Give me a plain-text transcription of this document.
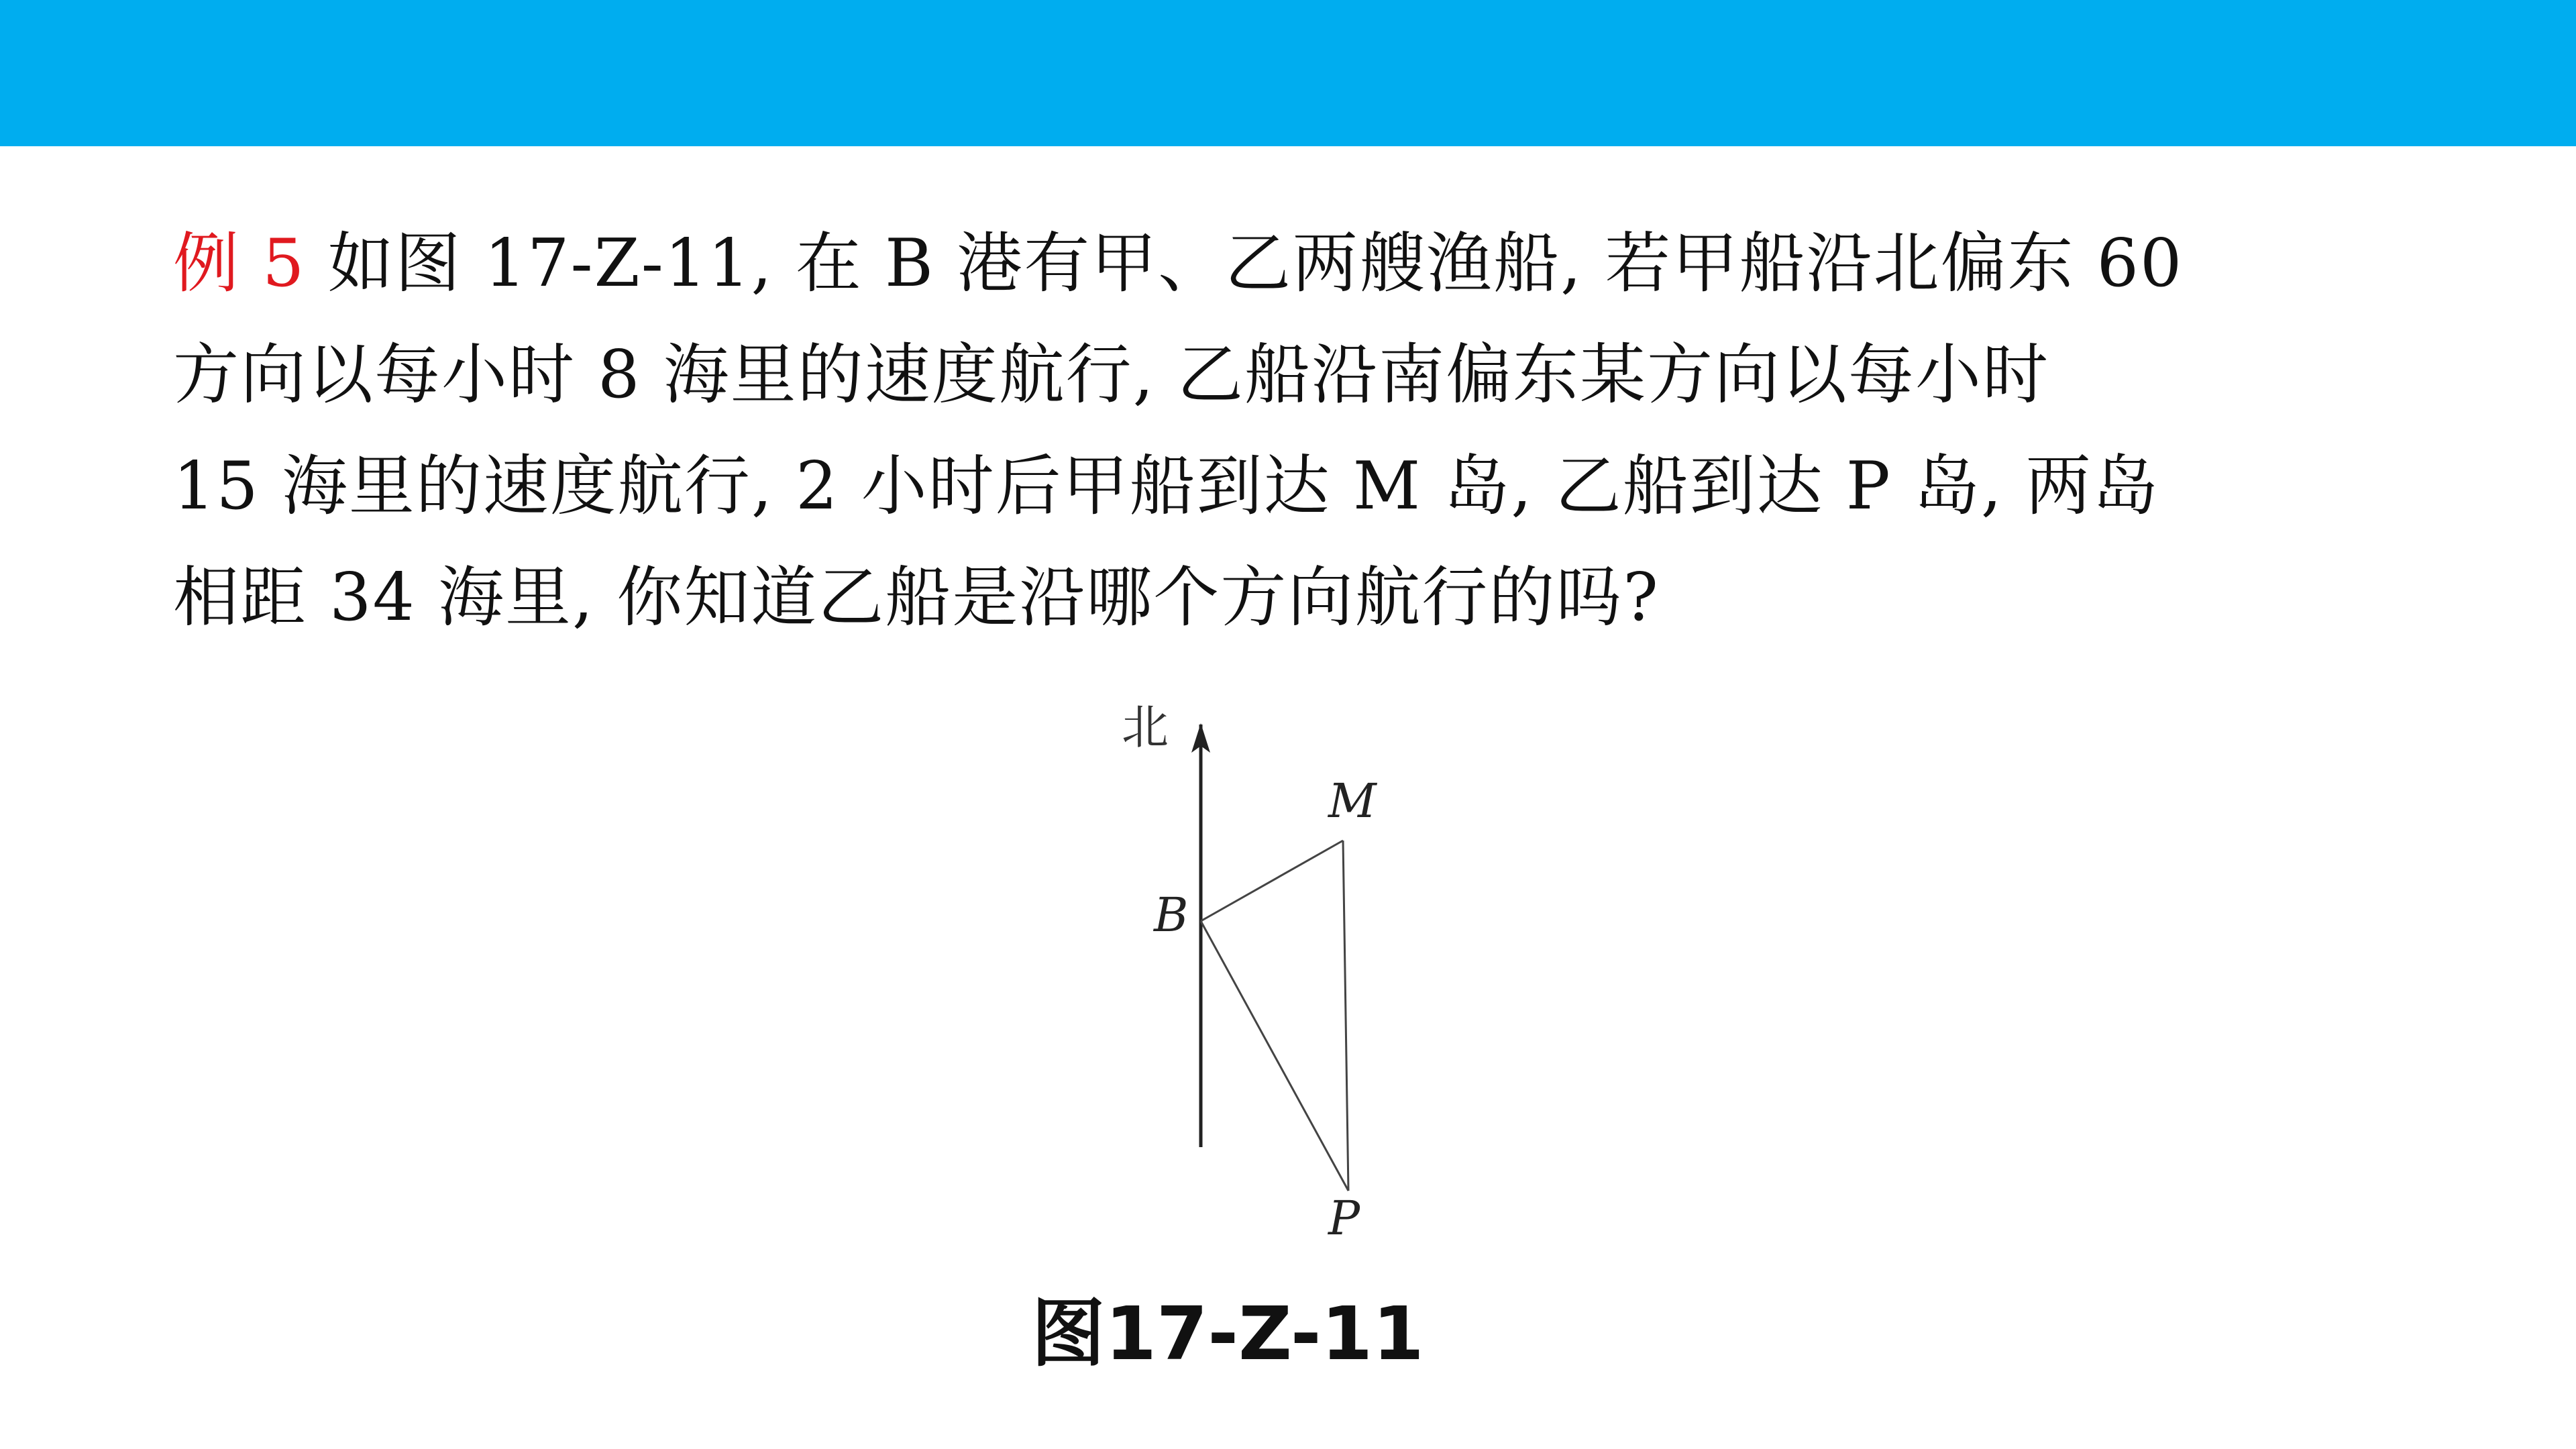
例 5 如图 17-Z-11, 在 B 港有甲、乙两艘渔船, 若甲船沿北偏东 60
方向以每小时 8 海里的速度航行, 乙船沿南偏东某方向以每小时
15 海里的速度航行, 2 小时后甲船到达 M 岛, 乙船到达 P 岛, 两岛
相距 34 海里, 你知道乙船是沿哪个方向航行的吗?
北
B
M
P
图17-Z-11
